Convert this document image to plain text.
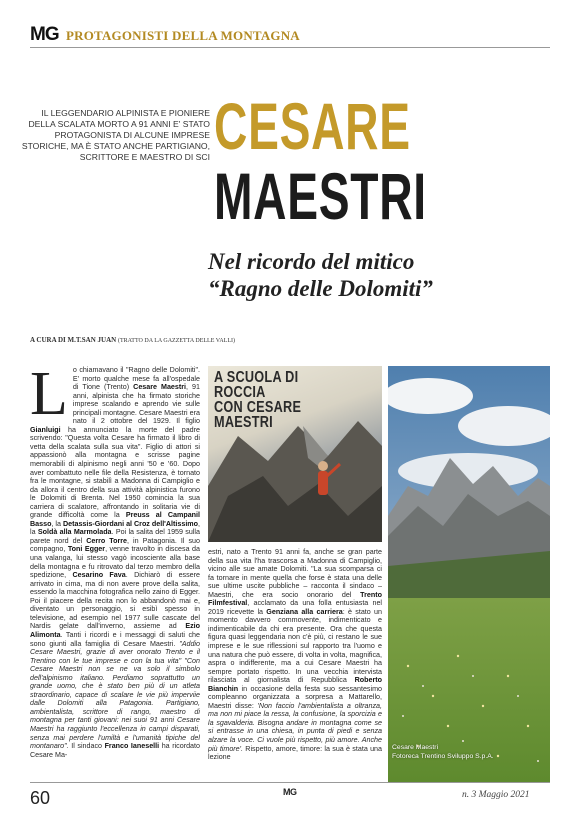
MG PROTAGONISTI DELLA MONTAGNA
IL LEGGENDARIO ALPINISTA E PIONIERE DELLA SCALATA MORTO A 91 ANNI E' STATO PROTAGONISTA DI ALCUNE IMPRESE STORICHE, MA È STATO ANCHE PARTIGIANO, SCRITTORE E MAESTRO DI SCI CESARE
MAESTRI
Nel ricordo del mitico
“Ragno delle Dolomiti”
A CURA DI M.T.SAN JUAN (TRATTO DA LA GAZZETTA DELLE VALLI)
L o chiamavano il "Ragno delle Dolomiti". E' morto qualche mese fa all'ospedale di Tione (Trento) Cesare Maestri, 91 anni, alpinista che ha firmato storiche imprese scalando e aprendo vie sulle principali montagne. Cesare Maestri era nato il 2 ottobre del 1929. Il figlio Gianluigi ha annunciato la morte del padre scrivendo: "Questa volta Cesare ha firmato il libro di vetta della scalata sulla sua vita". Figlio di attori si appassionò alla montagna e scrisse pagine memorabili di alpinismo negli anni '50 e '60. Dopo aver combattuto nelle file della Resistenza, è tornato fra le montagne, si stabilì a Madonna di Campiglio e da allora il centro della sua attività alpinistica furono le Dolomiti di Brenta. Nel 1950 comincia la sua carriera di scalatore, affrontando in solitaria vie di grande difficoltà come la Preuss al Campanil Basso, la Detassis-Giordani al Croz dell'Altissimo, la Soldà alla Marmolada. Poi la salita del 1959 sulla parete nord del Cerro Torre, in Patagonia. Il suo compagno, Toni Egger, venne travolto in discesa da una valanga, lui stesso vagò incosciente alla base della montagna e fu ritrovato dal terzo membro della spedizione, Cesarino Fava. Dichiarò di essere arrivato in cima, ma di non avere prove della salita, essendo la macchina fotografica nello zaino di Egger. Poi il piacere della recita non lo abbandonò mai e, diventato un personaggio, si esibì spesso in televisione, ad esempio nel 1977 sulle cascate del Nardis gelate dall'inverno, assieme ad Ezio Alimonta. Tanti i ricordi e i messaggi di saluti che sono giunti alla famiglia di Cesare Maestri. "Addio Cesare Maestri, grazie di aver onorato Trento e il Trentino con le tue imprese e con la tua vita" "Con Cesare Maestri non se ne va solo il simbolo dell'alpinismo italiano. Perdiamo soprattutto un grande uomo, che è stato ben più di un atleta straordinario, capace di scalare le vie più imperviie dalle Dolomiti alla Patagonia. Partigiano, ambientalista, scrittore di rango, maestro di montagna per tanti giovani: nei suoi 91 anni Cesare Maestri ha raggiunto l'eccellenza in campi disparati, senza mai perdere l'umiltà e l'umanità tipiche del montanaro". Il sindaco Franco Ianeselli ha ricordato Cesare Ma-

A SCUOLA DI ROCCIA
CON CESARE MAESTRI

estri, nato a Trento 91 anni fa, anche se gran parte della sua vita l'ha trascorsa a Madonna di Campiglio, vicino alle sue amate Dolomiti. "La sua scomparsa ci fa tornare in mente quella che forse è stata una delle sue ultime uscite pubbliche – racconta il sindaco – Maestri, che era socio onorario del Trento Filmfestival, acclamato da una folla entusiasta nel 2019 ricevette la Genziana alla carriera: è stato un momento davvero commovente, indimenticato e indimenticabile da chi era presente. Ora che questa figura quasi leggendaria non c'è più, ci restano le sue imprese e le sue riflessioni sul rapporto tra l'uomo e una natura che può essere, di volta in volta, magnifica, aspra o indifferente, ma a cui Cesare Maestri ha sempre portato rispetto. In una vecchia intervista rilasciata al giornalista di Repubblica Roberto Bianchin in occasione della festa suo sessantesimo compleanno organizzata a sorpresa a Mattarello, Maestri disse: 'Non faccio l'ambientalista a oltranza, ma non mi piace la ressa, la confusione, la sporcizia e la sgavalderia. Bisogna andare in montagna come se si entrasse in una chiesa, in punta di piedi e senza alzare la voce. Ci vuole più rispetto, più amore. Anche più timore'. Rispetto, amore, timore: la sua è stata una lezione

Cesare Maestri
Fotoreca Trentino Sviluppo S.p.A.
60	MG	n. 3 Maggio 2021
